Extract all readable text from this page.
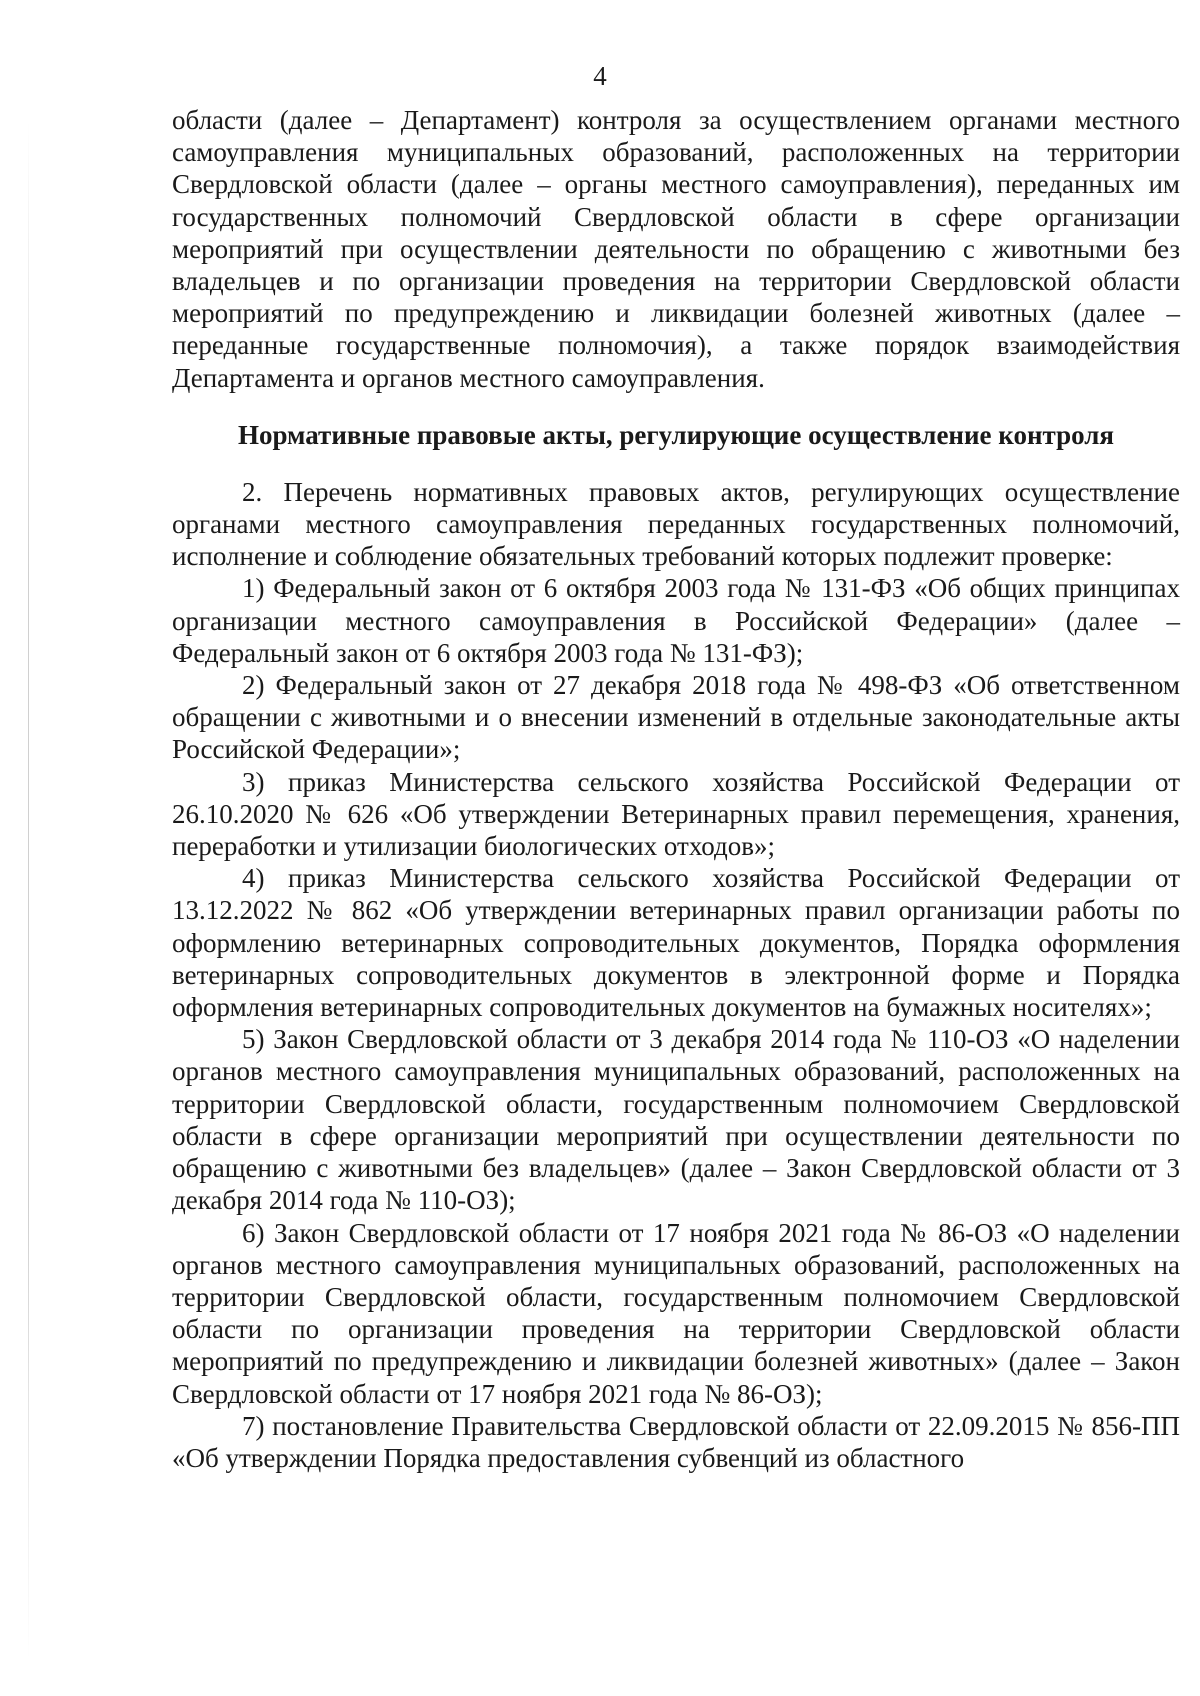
4

области (далее – Департамент) контроля за осуществлением органами местного самоуправления муниципальных образований, расположенных на территории Свердловской области (далее – органы местного самоуправления), переданных им государственных полномочий Свердловской области в сфере организации мероприятий при осуществлении деятельности по обращению с животными без владельцев и по организации проведения на территории Свердловской области мероприятий по предупреждению и ликвидации болезней животных (далее – переданные государственные полномочия), а также порядок взаимодействия Департамента и органов местного самоуправления.

Нормативные правовые акты, регулирующие осуществление контроля

2. Перечень нормативных правовых актов, регулирующих осуществление органами местного самоуправления переданных государственных полномочий, исполнение и соблюдение обязательных требований которых подлежит проверке:

1) Федеральный закон от 6 октября 2003 года № 131-ФЗ «Об общих принципах организации местного самоуправления в Российской Федерации» (далее – Федеральный закон от 6 октября 2003 года № 131-ФЗ);

2) Федеральный закон от 27 декабря 2018 года № 498-ФЗ «Об ответственном обращении с животными и о внесении изменений в отдельные законодательные акты Российской Федерации»;

3) приказ Министерства сельского хозяйства Российской Федерации от 26.10.2020 № 626 «Об утверждении Ветеринарных правил перемещения, хранения, переработки и утилизации биологических отходов»;

4) приказ Министерства сельского хозяйства Российской Федерации от 13.12.2022 № 862 «Об утверждении ветеринарных правил организации работы по оформлению ветеринарных сопроводительных документов, Порядка оформления ветеринарных сопроводительных документов в электронной форме и Порядка оформления ветеринарных сопроводительных документов на бумажных носителях»;

5) Закон Свердловской области от 3 декабря 2014 года № 110-ОЗ «О наделении органов местного самоуправления муниципальных образований, расположенных на территории Свердловской области, государственным полномочием Свердловской области в сфере организации мероприятий при осуществлении деятельности по обращению с животными без владельцев» (далее – Закон Свердловской области от 3 декабря 2014 года № 110-ОЗ);

6) Закон Свердловской области от 17 ноября 2021 года № 86-ОЗ «О наделении органов местного самоуправления муниципальных образований, расположенных на территории Свердловской области, государственным полномочием Свердловской области по организации проведения на территории Свердловской области мероприятий по предупреждению и ликвидации болезней животных» (далее – Закон Свердловской области от 17 ноября 2021 года № 86-ОЗ);

7) постановление Правительства Свердловской области от 22.09.2015 № 856-ПП «Об утверждении Порядка предоставления субвенций из областного
